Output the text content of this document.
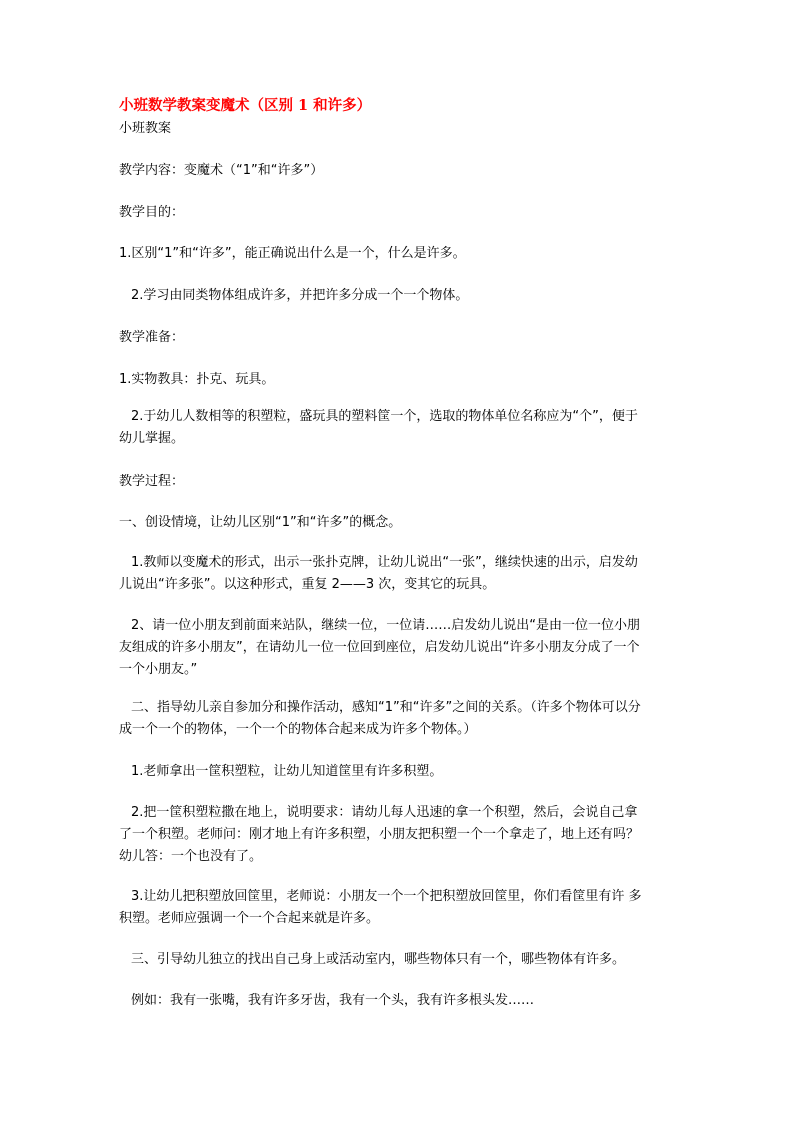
小班数学教案变魔术（区别 1 和许多）
小班教案
教学内容：变魔术（“1”和“许多”）
教学目的：
1.区别“1”和“许多”，能正确说出什么是一个，什么是许多。
2.学习由同类物体组成许多，并把许多分成一个一个物体。
教学准备：
1.实物教具：扑克、玩具。
2.于幼儿人数相等的积塑粒，盛玩具的塑料筐一个，选取的物体单位名称应为“个”，便于
幼儿掌握。
教学过程：
一、创设情境，让幼儿区别“1”和“许多”的概念。
1.教师以变魔术的形式，出示一张扑克牌，让幼儿说出“一张”，继续快速的出示，启发幼
儿说出“许多张”。以这种形式，重复 2——3 次，变其它的玩具。
2、请一位小朋友到前面来站队，继续一位，一位请……启发幼儿说出“是由一位一位小朋
友组成的许多小朋友”，在请幼儿一位一位回到座位，启发幼儿说出“许多小朋友分成了一个
一个小朋友。”
二、指导幼儿亲自参加分和操作活动，感知“1”和“许多”之间的关系。（许多个物体可以分
成一个一个的物体，一个一个的物体合起来成为许多个物体。）
1.老师拿出一筐积塑粒，让幼儿知道筐里有许多积塑。
2.把一筐积塑粒撒在地上，说明要求：请幼儿每人迅速的拿一个积塑，然后，会说自己拿
了一个积塑。老师问：刚才地上有许多积塑，小朋友把积塑一个一个拿走了，地上还有吗？
幼儿答：一个也没有了。
3.让幼儿把积塑放回筐里，老师说：小朋友一个一个把积塑放回筐里，你们看筐里有许 多
积塑。老师应强调一个一个合起来就是许多。
三、引导幼儿独立的找出自己身上或活动室内，哪些物体只有一个，哪些物体有许多。
例如：我有一张嘴，我有许多牙齿，我有一个头，我有许多根头发……
